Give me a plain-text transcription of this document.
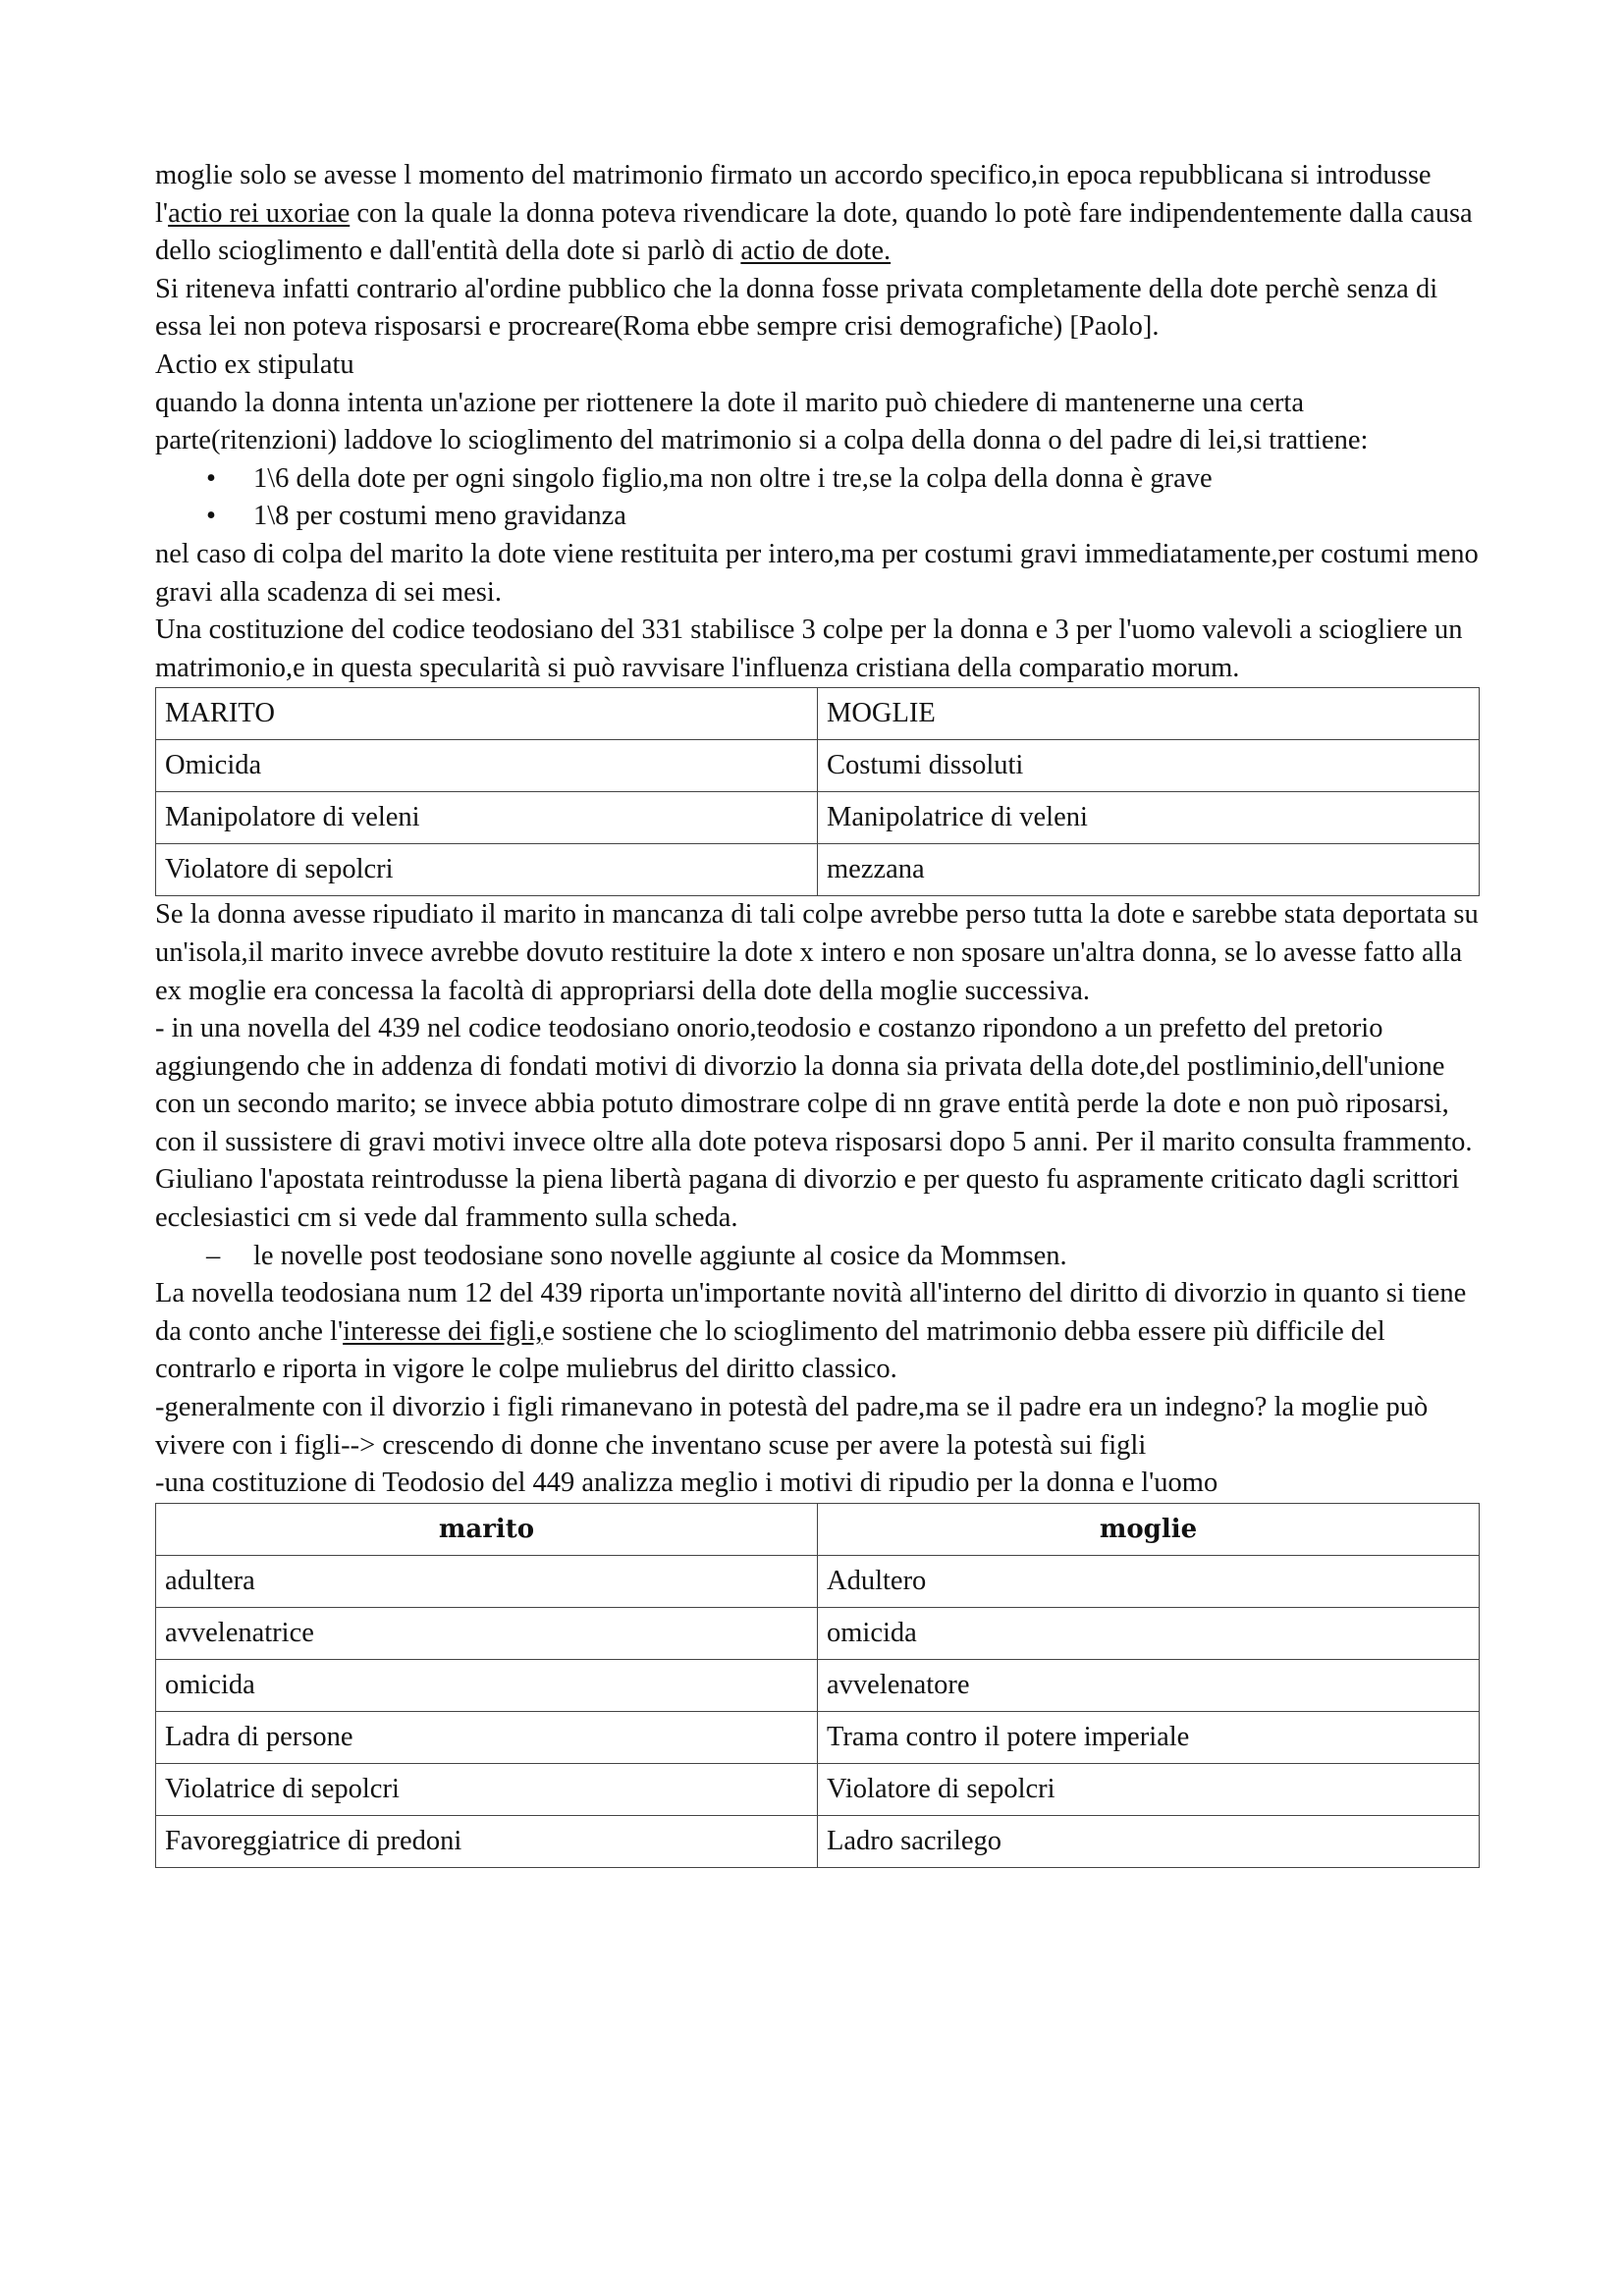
moglie solo se avesse l momento del matrimonio firmato un accordo specifico,in epoca repubblicana si introdusse l'actio rei uxoriae con la quale la donna poteva rivendicare la dote, quando lo potè fare indipendentemente dalla causa dello scioglimento e dall'entità della dote si parlò di actio de dote.

Si riteneva infatti contrario al'ordine pubblico che la donna fosse privata completamente della dote perchè senza di essa lei non poteva risposarsi e procreare(Roma ebbe sempre crisi demografiche) [Paolo].

Actio ex stipulatu

quando la donna intenta un'azione per riottenere la dote il marito può chiedere di mantenerne una certa parte(ritenzioni) laddove lo scioglimento del matrimonio si a colpa della donna o del padre di lei,si trattiene:

• 1\6 della dote per ogni singolo figlio,ma non oltre i tre,se la colpa della donna è grave
• 1\8 per costumi meno gravidanza

nel caso di colpa del marito la dote viene restituita per intero,ma per costumi gravi immediatamente,per costumi meno gravi alla scadenza di sei mesi.

Una costituzione del codice teodosiano del 331 stabilisce 3 colpe per la donna e 3 per l'uomo valevoli a sciogliere un matrimonio,e in questa specularità si può ravvisare l'influenza cristiana della comparatio morum.

MARITO	MOGLIE
Omicida	Costumi dissoluti
Manipolatore di veleni	Manipolatrice di veleni
Violatore di sepolcri	mezzana

Se la donna avesse ripudiato il marito in mancanza di tali colpe avrebbe perso tutta la dote e sarebbe stata deportata su un'isola,il marito invece avrebbe dovuto restituire la dote x intero e non sposare un'altra donna, se lo avesse fatto alla ex moglie era concessa la facoltà di appropriarsi della dote della moglie successiva.

- in una novella del 439 nel codice teodosiano onorio,teodosio e costanzo ripondono a un prefetto del pretorio aggiungendo che in addenza di fondati motivi di divorzio la donna sia privata della dote,del postliminio,dell'unione con un secondo marito; se invece abbia potuto dimostrare colpe di nn grave entità perde la dote e non può riposarsi, con il sussistere di gravi motivi invece oltre alla dote poteva risposarsi dopo 5 anni. Per il marito consulta frammento.

Giuliano l'apostata reintrodusse la piena libertà pagana di divorzio e per questo fu aspramente criticato dagli scrittori ecclesiastici cm si vede dal frammento sulla scheda.

– le novelle post teodosiane sono novelle aggiunte al cosice da Mommsen.

La novella teodosiana num 12 del 439 riporta un'importante novità all'interno del diritto di divorzio in quanto si tiene da conto anche l'interesse dei figli,e sostiene che lo scioglimento del matrimonio debba essere più difficile del contrarlo e riporta in vigore le colpe muliebrus del diritto classico.

-generalmente con il divorzio i figli rimanevano in potestà del padre,ma se il padre era un indegno? la moglie può vivere con i figli--> crescendo di donne che inventano scuse per avere la potestà sui figli

-una costituzione di Teodosio del 449 analizza meglio i motivi di ripudio per la donna e l'uomo

marito	moglie
adultera	Adultero
avvelenatrice	omicida
omicida	avvelenatore
Ladra di persone	Trama contro il potere imperiale
Violatrice di sepolcri	Violatore di sepolcri
Favoreggiatrice di predoni	Ladro sacrilego
